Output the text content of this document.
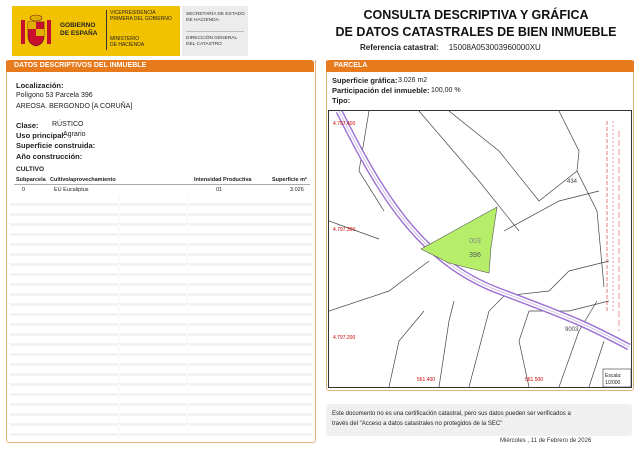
GOBIERNO
DE ESPAÑA
VICEPRESIDENCIA
PRIMERA DEL GOBIERNO
MINISTERIO
DE HACIENDA
SECRETARÍA DE ESTADO
DE HACIENDA
DIRECCIÓN GENERAL
DEL CATASTRO
CONSULTA DESCRIPTIVA Y GRÁFICA
DE DATOS CATASTRALES DE BIEN INMUEBLE
Referencia catastral: 15008A053003960000XU
DATOS DESCRIPTIVOS DEL INMUEBLE
Localización:
Polígono 53 Parcela 396
AREOSA. BERGONDO [A CORUÑA]
Clase: RÚSTICO
Uso principal:
Agrario
Superficie construida:
Año construcción:
CULTIVO
Subparcela Cultivo/aprovechamiento	Intensidad Productiva	Superficie m²
0	EU Eucaliptus	01	3.026
PARCELA
Superficie gráfica: 3.026 m2
Participación del inmueble: 100,00 %
Tipo:
003
396
434
9003
4.797.400
4.797.300
4.797.200
561.400	561.500
Escala:
1/2000
Este documento no es una certificación catastral, pero sus datos pueden ser verificados a
través del "Acceso a datos catastrales no protegidos de la SEC"
Miércoles , 11 de Febrero de 2026
